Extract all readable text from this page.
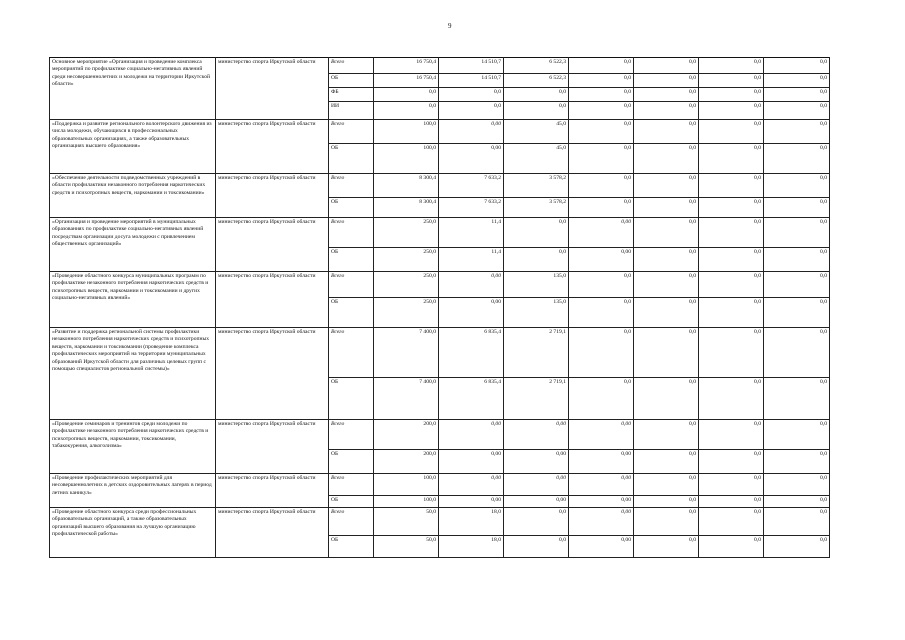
9
Основное мероприятие «Организация и проведение комплекса мероприятий по профилактике социально-негативных явлений среди несовершеннолетних и молодежи на территории Иркутской области»	министерство спорта Иркутской области	Всего	16 750,4	14 510,7	6 522,3	0,0	0,0	0,0	0,0
		ОБ	16 750,4	14 510,7	6 522,3	0,0	0,0	0,0	0,0
		ФБ	0,0	0,0	0,0	0,0	0,0	0,0	0,0
		ИИ	0,0	0,0	0,0	0,0	0,0	0,0	0,0
«Поддержка и развитие регионального волонтерского движения из числа молодежи, обучающихся в профессиональных образовательных организациях, а также образовательных организациях высшего образования»	министерство спорта Иркутской области	Всего	100,0	0,00	45,0	0,0	0,0	0,0	0,0
		ОБ	100,0	0,00	45,0	0,0	0,0	0,0	0,0
«Обеспечение деятельности подведомственных учреждений в области профилактики незаконного потребления наркотических средств и психотропных веществ, наркомании и токсикомании»	министерство спорта Иркутской области	Всего	8 300,4	7 633,2	3 578,2	0,0	0,0	0,0	0,0
		ОБ	8 300,4	7 633,2	3 578,2	0,0	0,0	0,0	0,0
«Организация и проведение мероприятий в муниципальных образованиях по профилактике социально-негативных явлений посредствам организации досуга молодежи с привлечением общественных организаций»	министерство спорта Иркутской области	Всего	250,0	11,4	0,0	0,00	0,0	0,0	0,0
		ОБ	250,0	11,4	0,0	0,00	0,0	0,0	0,0
«Проведение областного конкурса муниципальных программ по профилактике незаконного потребления наркотических средств и психотропных веществ, наркомании и токсикомании и других социально-негативных явлений»	министерство спорта Иркутской области	Всего	250,0	0,00	135,0	0,0	0,0	0,0	0,0
		ОБ	250,0	0,00	135,0	0,0	0,0	0,0	0,0
«Развитие и поддержка региональной системы профилактики незаконного потребления наркотических средств и психотропных веществ, наркомании и токсикомании (проведение комплекса профилактических мероприятий на территории муниципальных образований Иркутской области для различных целевых групп с помощью специалистов региональной системы)»	министерство спорта Иркутской области	Всего	7 400,0	6 835,4	2 719,1	0,0	0,0	0,0	0,0
		ОБ	7 400,0	6 835,4	2 719,1	0,0	0,0	0,0	0,0
«Проведение семинаров и тренингов среди молодежи по профилактике незаконного потребления наркотических средств и психотропных веществ, наркомании, токсикомании, табакокурения, алкоголизма»	министерство спорта Иркутской области	Всего	200,0	0,00	0,00	0,00	0,0	0,0	0,0
		ОБ	200,0	0,00	0,00	0,00	0,0	0,0	0,0
«Проведение профилактических мероприятий для несовершеннолетних в детских оздоровительных лагерях в период летних каникул»	министерство спорта Иркутской области	Всего	100,0	0,00	0,00	0,00	0,0	0,0	0,0
		ОБ	100,0	0,00	0,00	0,00	0,0	0,0	0,0
«Проведение областного конкурса среди профессиональных образовательных организаций, а также образовательных организаций высшего образования на лучшую организацию профилактической работы»	министерство спорта Иркутской области	Всего	50,0	18,0	0,0	0,00	0,0	0,0	0,0
		ОБ	50,0	18,0	0,0	0,00	0,0	0,0	0,0
